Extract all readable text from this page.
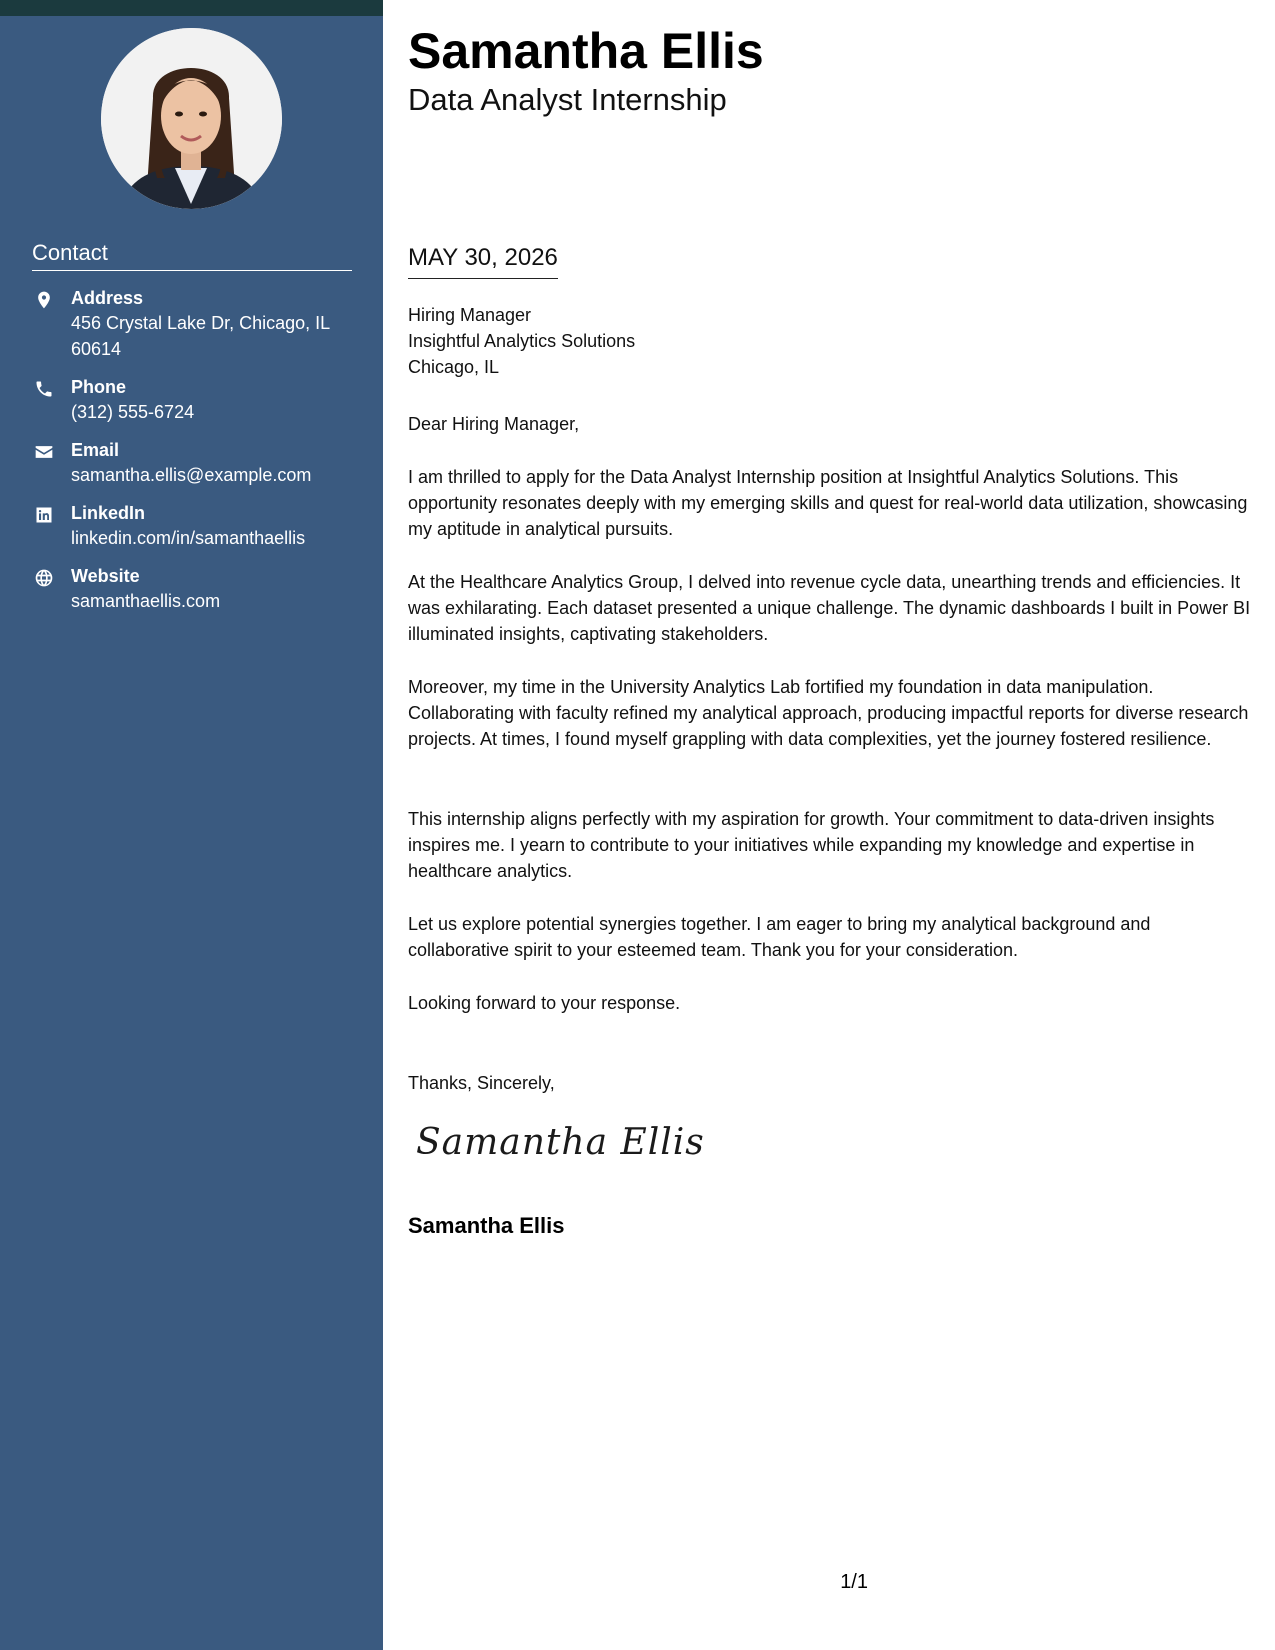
Contact
Address
456 Crystal Lake Dr, Chicago, IL 60614
Phone
(312) 555-6724
Email
samantha.ellis@example.com
LinkedIn
linkedin.com/in/samanthaellis
Website
samanthaellis.com
Samantha Ellis
Data Analyst Internship
MAY 30, 2026
Hiring Manager
Insightful Analytics Solutions
Chicago, IL
Dear Hiring Manager,
I am thrilled to apply for the Data Analyst Internship position at Insightful Analytics Solutions. This opportunity resonates deeply with my emerging skills and quest for real-world data utilization, showcasing my aptitude in analytical pursuits.
At the Healthcare Analytics Group, I delved into revenue cycle data, unearthing trends and efficiencies. It was exhilarating. Each dataset presented a unique challenge. The dynamic dashboards I built in Power BI illuminated insights, captivating stakeholders.
Moreover, my time in the University Analytics Lab fortified my foundation in data manipulation. Collaborating with faculty refined my analytical approach, producing impactful reports for diverse research projects. At times, I found myself grappling with data complexities, yet the journey fostered resilience.
This internship aligns perfectly with my aspiration for growth. Your commitment to data-driven insights inspires me. I yearn to contribute to your initiatives while expanding my knowledge and expertise in healthcare analytics.
Let us explore potential synergies together. I am eager to bring my analytical background and collaborative spirit to your esteemed team. Thank you for your consideration.
Looking forward to your response.
Thanks, Sincerely,
Samantha Ellis
Samantha Ellis
1/1
